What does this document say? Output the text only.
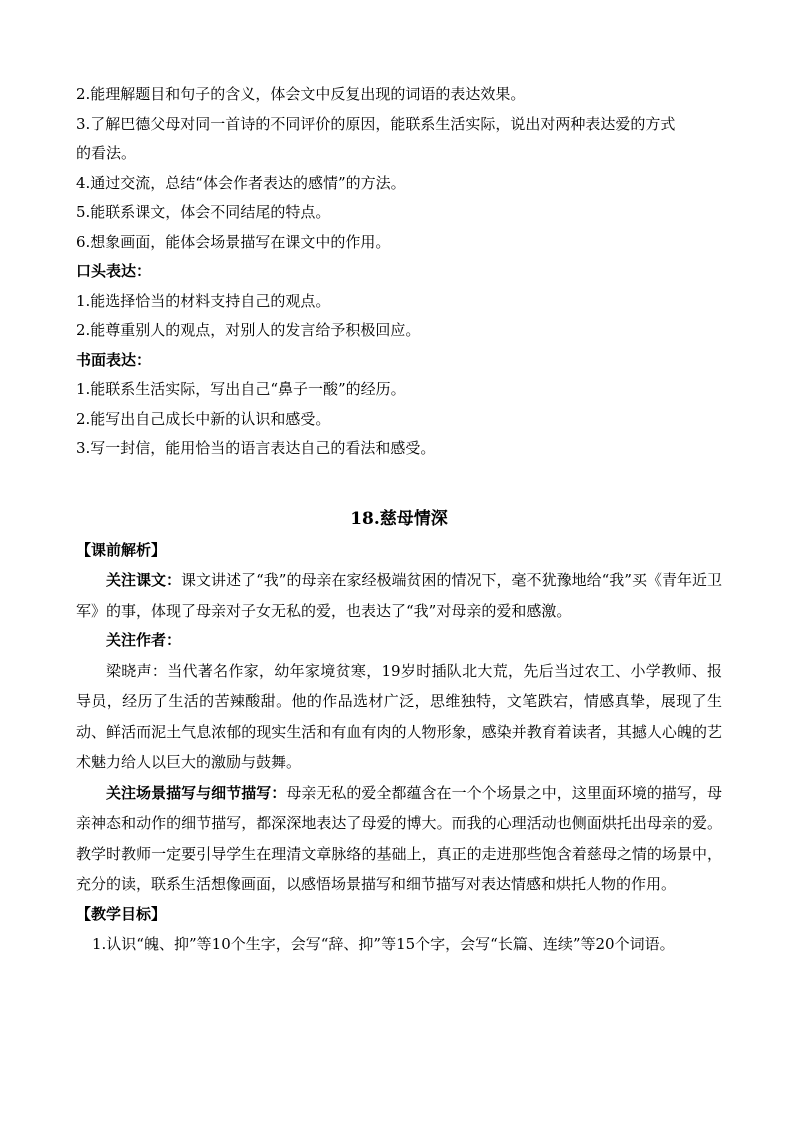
2.能理解题目和句子的含义，体会文中反复出现的词语的表达效果。
3.了解巴德父母对同一首诗的不同评价的原因，能联系生活实际，说出对两种表达爱的方式
的看法。
4.通过交流，总结“体会作者表达的感情”的方法。
5.能联系课文，体会不同结尾的特点。
6.想象画面，能体会场景描写在课文中的作用。
口头表达：
1.能选择恰当的材料支持自己的观点。
2.能尊重别人的观点，对别人的发言给予积极回应。
书面表达：
1.能联系生活实际，写出自己“鼻子一酸”的经历。
2.能写出自己成长中新的认识和感受。
3.写一封信，能用恰当的语言表达自己的看法和感受。
18.慈母情深
【课前解析】

关注课文：课文讲述了“我”的母亲在家经极端贫困的情况下，毫不犹豫地给“我”买《青年近卫军》的事，体现了母亲对子女无私的爱，也表达了“我”对母亲的爱和感激。

关注作者：

梁晓声：当代著名作家，幼年家境贫寒，19岁时插队北大荒，先后当过农工、小学教师、报导员，经历了生活的苦辣酸甜。他的作品选材广泛，思维独特，文笔跌宕，情感真挚，展现了生动、鲜活而泥土气息浓郁的现实生活和有血有肉的人物形象，感染并教育着读者，其撼人心魄的艺术魅力给人以巨大的激励与鼓舞。

关注场景描写与细节描写：母亲无私的爱全都蕴含在一个个场景之中，这里面环境的描写，母亲神态和动作的细节描写，都深深地表达了母爱的博大。而我的心理活动也侧面烘托出母亲的爱。教学时教师一定要引导学生在理清文章脉络的基础上，真正的走进那些饱含着慈母之情的场景中，充分的读，联系生活想像画面，以感悟场景描写和细节描写对表达情感和烘托人物的作用。

【教学目标】

1.认识“魄、抑”等10个生字，会写“辞、抑”等15个字，会写“长篇、连续”等20个词语。
